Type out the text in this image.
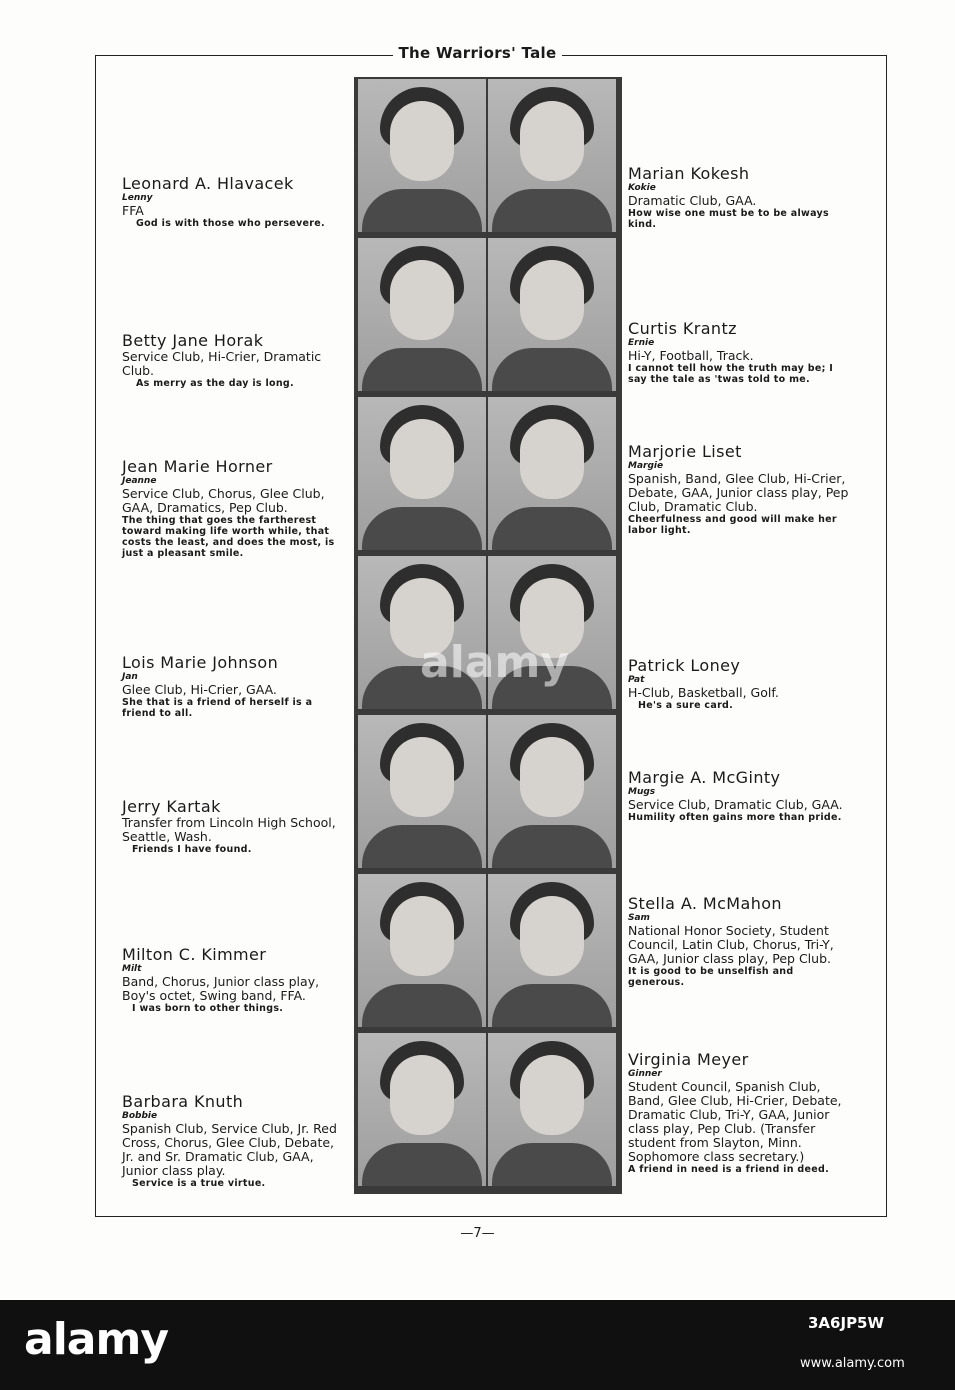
The Warriors' Tale
alamy
Leonard A. Hlavacek
Lenny
FFA
God is with those who persevere.
Betty Jane Horak
Service Club, Hi-Crier, Dramatic Club.
As merry as the day is long.
Jean Marie Horner
Jeanne
Service Club, Chorus, Glee Club, GAA, Dramatics, Pep Club.
The thing that goes the fartherest toward making life worth while, that costs the least, and does the most, is just a pleasant smile.
Lois Marie Johnson
Jan
Glee Club, Hi-Crier, GAA.
She that is a friend of herself is a friend to all.
Jerry Kartak
Transfer from Lincoln High School, Seattle, Wash.
Friends I have found.
Milton C. Kimmer
Milt
Band, Chorus, Junior class play, Boy's octet, Swing band, FFA.
I was born to other things.
Barbara Knuth
Bobbie
Spanish Club, Service Club, Jr. Red Cross, Chorus, Glee Club, Debate, Jr. and Sr. Dramatic Club, GAA, Junior class play.
Service is a true virtue.
Marian Kokesh
Kokie
Dramatic Club, GAA.
How wise one must be to be always kind.
Curtis Krantz
Ernie
Hi-Y, Football, Track.
I cannot tell how the truth may be; I say the tale as 'twas told to me.
Marjorie Liset
Margie
Spanish, Band, Glee Club, Hi-Crier, Debate, GAA, Junior class play, Pep Club, Dramatic Club.
Cheerfulness and good will make her labor light.
Patrick Loney
Pat
H-Club, Basketball, Golf.
He's a sure card.
Margie A. McGinty
Mugs
Service Club, Dramatic Club, GAA.
Humility often gains more than pride.
Stella A. McMahon
Sam
National Honor Society, Student Council, Latin Club, Chorus, Tri-Y, GAA, Junior class play, Pep Club.
It is good to be unselfish and generous.
Virginia Meyer
Ginner
Student Council, Spanish Club, Band, Glee Club, Hi-Crier, Debate, Dramatic Club, Tri-Y, GAA, Junior class play, Pep Club. (Transfer student from Slayton, Minn. Sophomore class secretary.)
A friend in need is a friend in deed.
—7—
alamy	3A6JP5W
www.alamy.com
